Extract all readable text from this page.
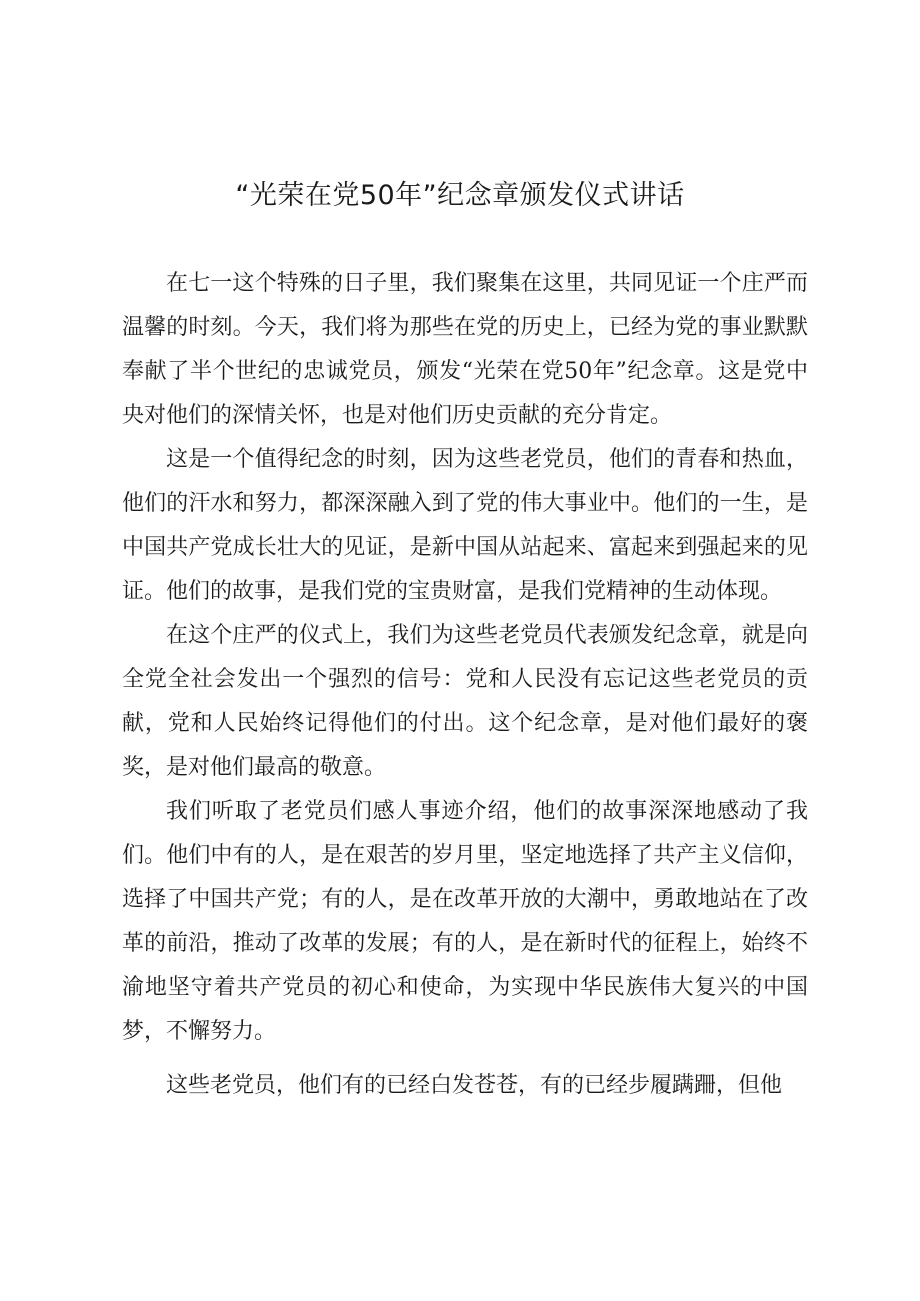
“光荣在党50年”纪念章颁发仪式讲话

在七一这个特殊的日子里，我们聚集在这里，共同见证一个庄严而温馨的时刻。今天，我们将为那些在党的历史上，已经为党的事业默默奉献了半个世纪的忠诚党员，颁发“光荣在党50年”纪念章。这是党中央对他们的深情关怀，也是对他们历史贡献的充分肯定。

这是一个值得纪念的时刻，因为这些老党员，他们的青春和热血，他们的汗水和努力，都深深融入到了党的伟大事业中。他们的一生，是中国共产党成长壮大的见证，是新中国从站起来、富起来到强起来的见证。他们的故事，是我们党的宝贵财富，是我们党精神的生动体现。

在这个庄严的仪式上，我们为这些老党员代表颁发纪念章，就是向全党全社会发出一个强烈的信号：党和人民没有忘记这些老党员的贡献，党和人民始终记得他们的付出。这个纪念章，是对他们最好的褒奖，是对他们最高的敬意。

我们听取了老党员们感人事迹介绍，他们的故事深深地感动了我们。他们中有的人，是在艰苦的岁月里，坚定地选择了共产主义信仰，选择了中国共产党；有的人，是在改革开放的大潮中，勇敢地站在了改革的前沿，推动了改革的发展；有的人，是在新时代的征程上，始终不渝地坚守着共产党员的初心和使命，为实现中华民族伟大复兴的中国梦，不懈努力。

这些老党员，他们有的已经白发苍苍，有的已经步履蹒跚，但他
